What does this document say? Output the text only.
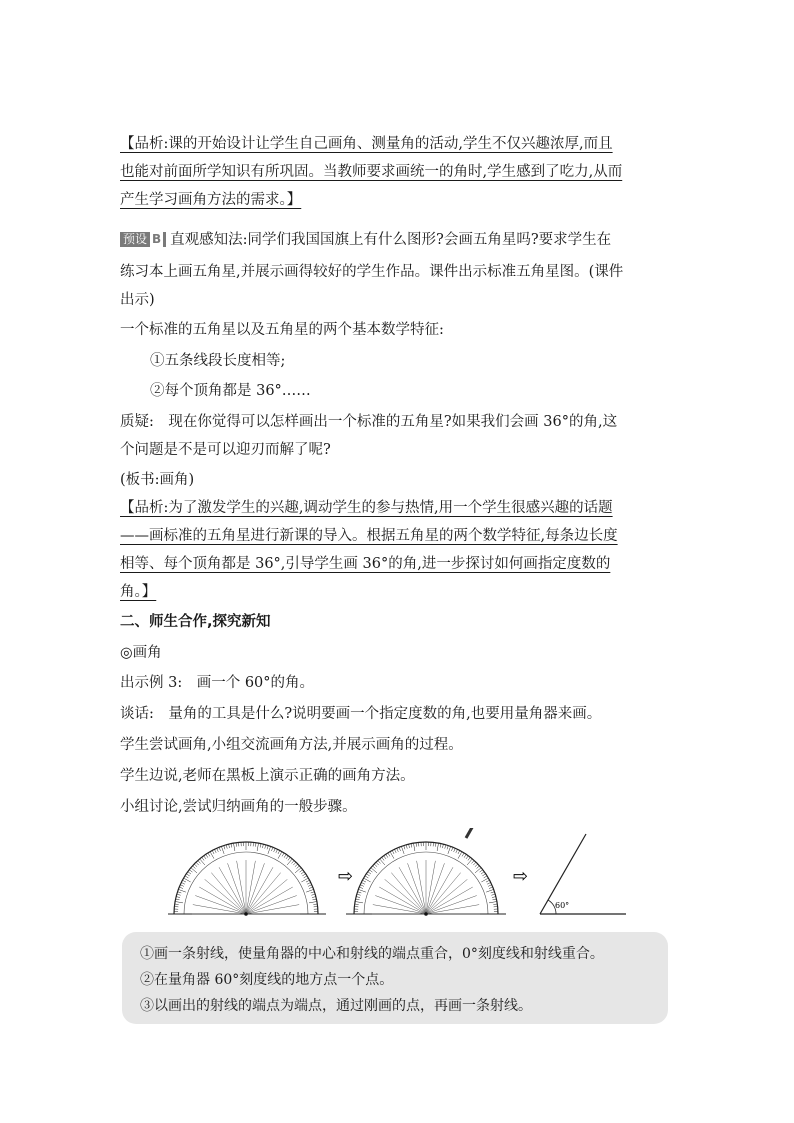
【品析:课的开始设计让学生自己画角、测量角的活动,学生不仅兴趣浓厚,而且
也能对前面所学知识有所巩固。当教师要求画统一的角时,学生感到了吃力,从而
产生学习画角方法的需求。】
预设 B 直观感知法:同学们我国国旗上有什么图形?会画五角星吗?要求学生在
练习本上画五角星,并展示画得较好的学生作品。课件出示标准五角星图。(课件
出示)
一个标准的五角星以及五角星的两个基本数学特征:
①五条线段长度相等;
②每个顶角都是 36°……
质疑:　现在你觉得可以怎样画出一个标准的五角星?如果我们会画 36°的角,这
个问题是不是可以迎刃而解了呢?
(板书:画角)
【品析:为了激发学生的兴趣,调动学生的参与热情,用一个学生很感兴趣的话题
——画标准的五角星进行新课的导入。根据五角星的两个数学特征,每条边长度
相等、每个顶角都是 36°,引导学生画 36°的角,进一步探讨如何画指定度数的
角。】
二、师生合作,探究新知
◎画角
出示例 3:　画一个 60°的角。
谈话:　量角的工具是什么?说明要画一个指定度数的角,也要用量角器来画。
学生尝试画角,小组交流画角方法,并展示画角的过程。
学生边说,老师在黑板上演示正确的画角方法。
小组讨论,尝试归纳画角的一般步骤。
⇨	⇨
60°
①画一条射线，使量角器的中心和射线的端点重合，0°刻度线和射线重合。
②在量角器 60°刻度线的地方点一个点。
③以画出的射线的端点为端点，通过刚画的点，再画一条射线。
